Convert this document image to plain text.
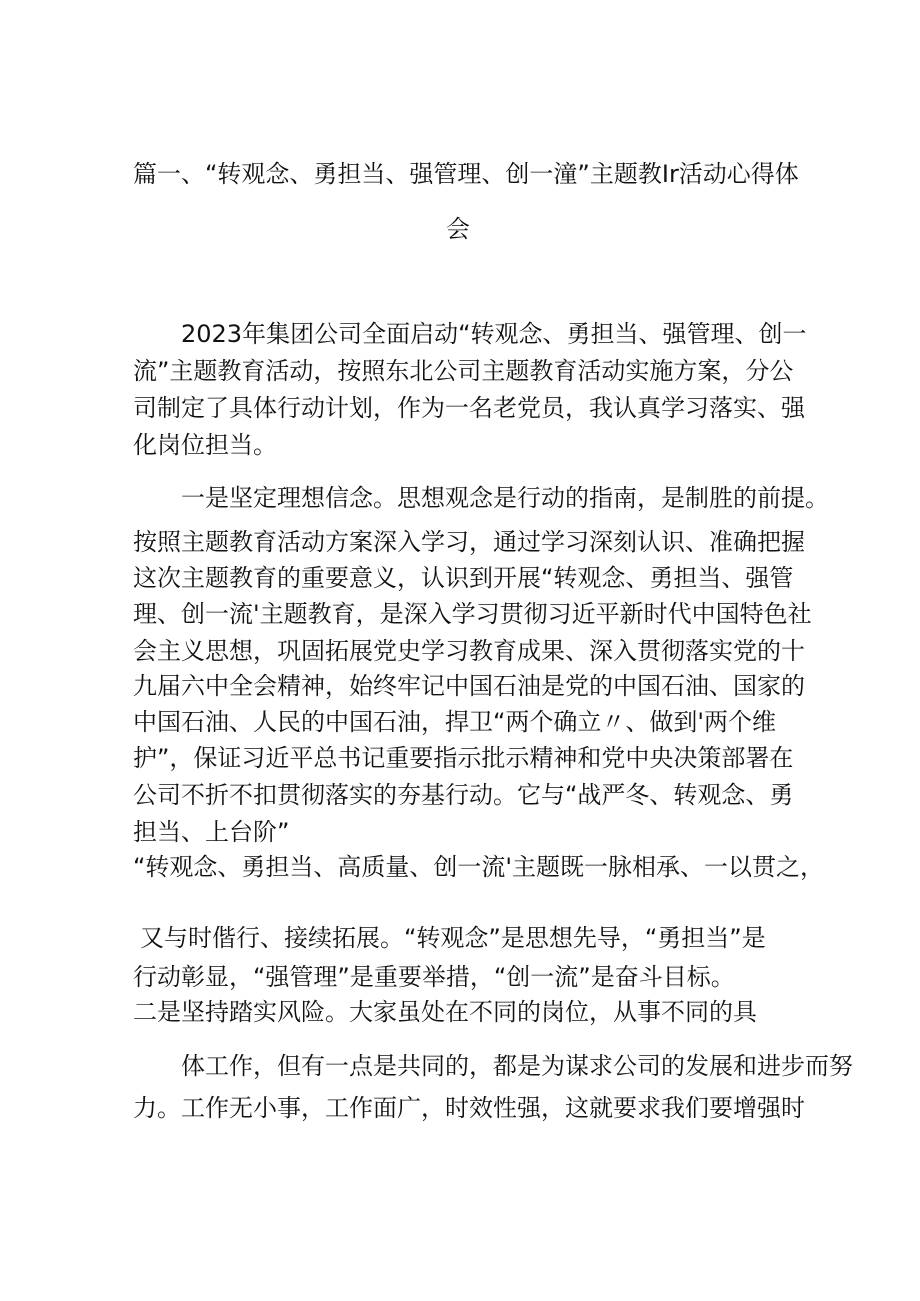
篇一、“转观念、勇担当、强管理、创一潼”主题教Ir活动心得体
会
2023年集团公司全面启动“转观念、勇担当、强管理、创一
流”主题教育活动，按照东北公司主题教育活动实施方案，分公
司制定了具体行动计划，作为一名老党员，我认真学习落实、强
化岗位担当。
一是坚定理想信念。思想观念是行动的指南，是制胜的前提。
按照主题教育活动方案深入学习，通过学习深刻认识、准确把握
这次主题教育的重要意义，认识到开展“转观念、勇担当、强管
理、创一流'主题教育，是深入学习贯彻习近平新时代中国特色社
会主义思想，巩固拓展党史学习教育成果、深入贯彻落实党的十
九届六中全会精神，始终牢记中国石油是党的中国石油、国家的
中国石油、人民的中国石油，捍卫“两个确立〃、做到'两个维
护”，保证习近平总书记重要指示批示精神和党中央决策部署在
公司不折不扣贯彻落实的夯基行动。它与“战严冬、转观念、勇
担当、上台阶”
“转观念、勇担当、高质量、创一流'主题既一脉相承、一以贯之，
又与时偕行、接续拓展。“转观念”是思想先导，“勇担当”是
行动彰显，“强管理”是重要举措，“创一流”是奋斗目标。
二是坚持踏实风险。大家虽处在不同的岗位，从事不同的具
体工作，但有一点是共同的，都是为谋求公司的发展和进步而努
力。工作无小事，工作面广，时效性强，这就要求我们要增强时
